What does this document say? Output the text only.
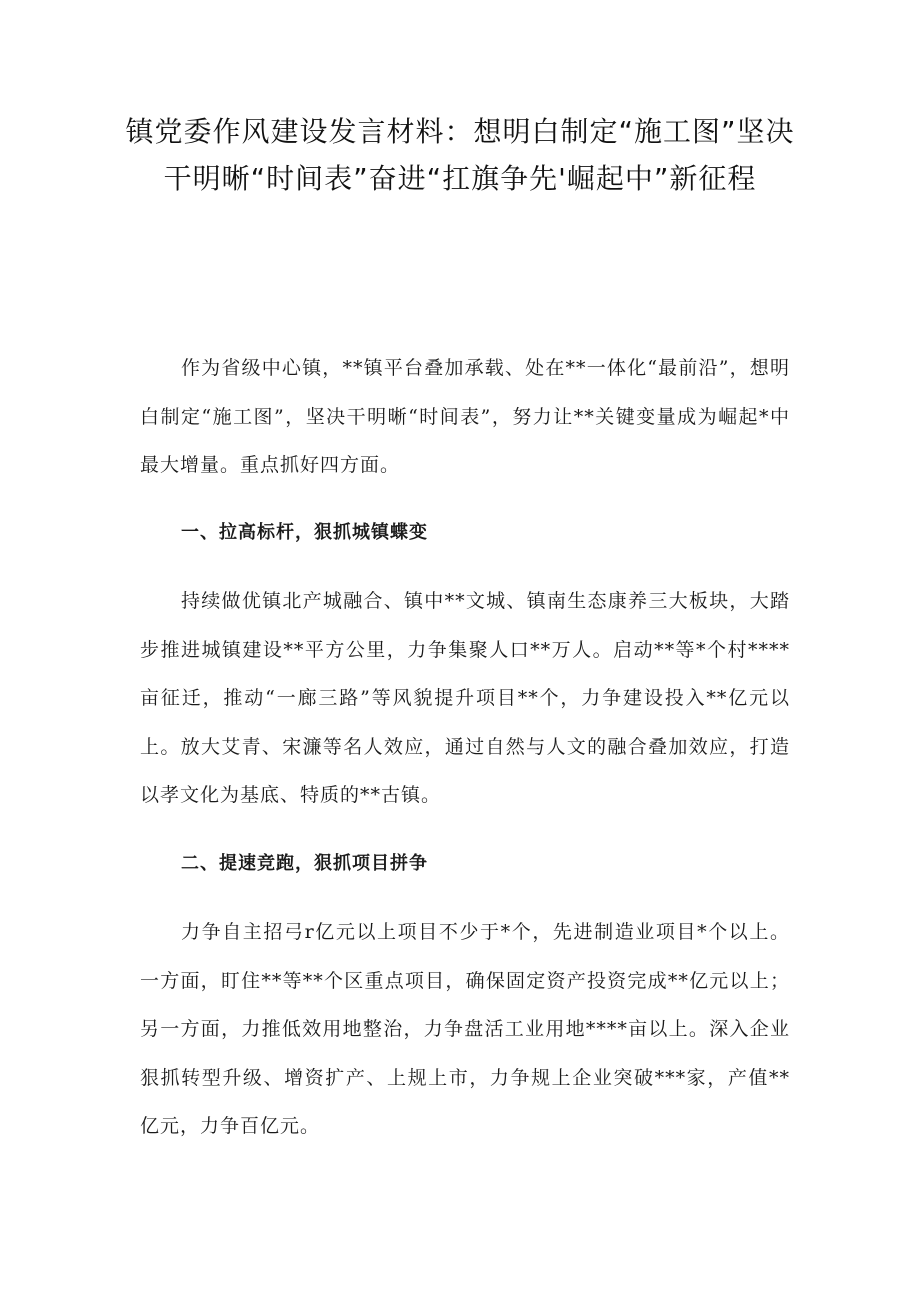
镇党委作风建设发言材料：想明白制定“施工图”坚决干明晰“时间表”奋进“扛旗争先'崛起中”新征程

作为省级中心镇，**镇平台叠加承载、处在**一体化“最前沿”，想明白制定“施工图”，坚决干明晰“时间表”，努力让**关键变量成为崛起*中最大增量。重点抓好四方面。

一、拉高标杆，狠抓城镇蝶变

持续做优镇北产城融合、镇中**文城、镇南生态康养三大板块，大踏步推进城镇建设**平方公里，力争集聚人口**万人。启动**等*个村****亩征迁，推动“一廊三路”等风貌提升项目**个，力争建设投入**亿元以上。放大艾青、宋濂等名人效应，通过自然与人文的融合叠加效应，打造以孝文化为基底、特质的**古镇。

二、提速竞跑，狠抓项目拼争

力争自主招弓r亿元以上项目不少于*个，先进制造业项目*个以上。一方面，盯住**等**个区重点项目，确保固定资产投资完成**亿元以上；另一方面，力推低效用地整治，力争盘活工业用地****亩以上。深入企业狠抓转型升级、增资扩产、上规上市，力争规上企业突破***家，产值**亿元，力争百亿元。
